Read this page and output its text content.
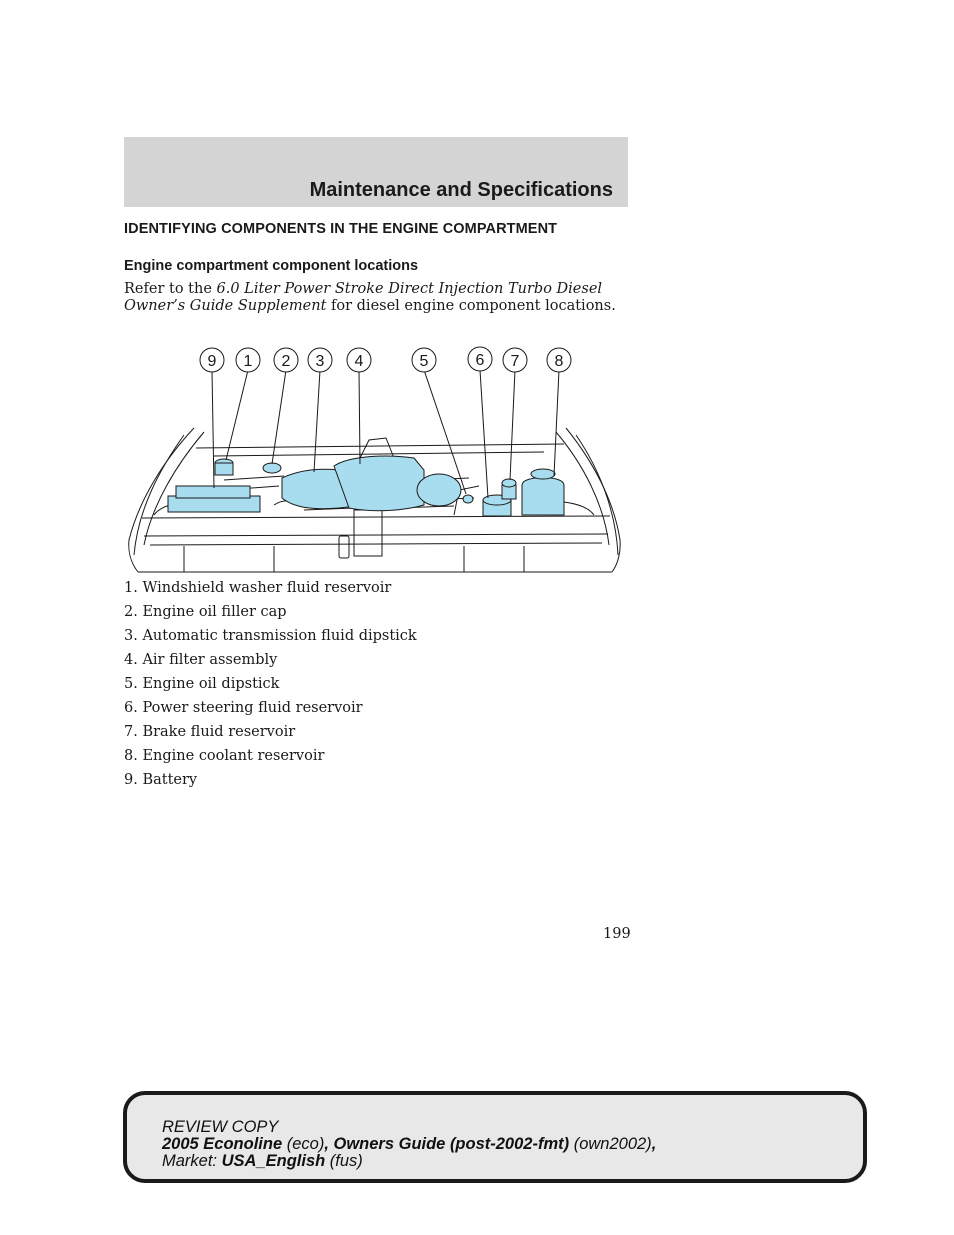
Maintenance and Specifications
IDENTIFYING COMPONENTS IN THE ENGINE COMPARTMENT
Engine compartment component locations
Refer to the 6.0 Liter Power Stroke Direct Injection Turbo Diesel
Owner’s Guide Supplement for diesel engine component locations.
9 1 2 3 4	5	6 7 8
1. Windshield washer fluid reservoir
2. Engine oil filler cap
3. Automatic transmission fluid dipstick
4. Air filter assembly
5. Engine oil dipstick
6. Power steering fluid reservoir
7. Brake fluid reservoir
8. Engine coolant reservoir
9. Battery
199
REVIEW COPY
2005 Econoline (eco), Owners Guide (post-2002-fmt) (own2002),
Market: USA_English (fus)
